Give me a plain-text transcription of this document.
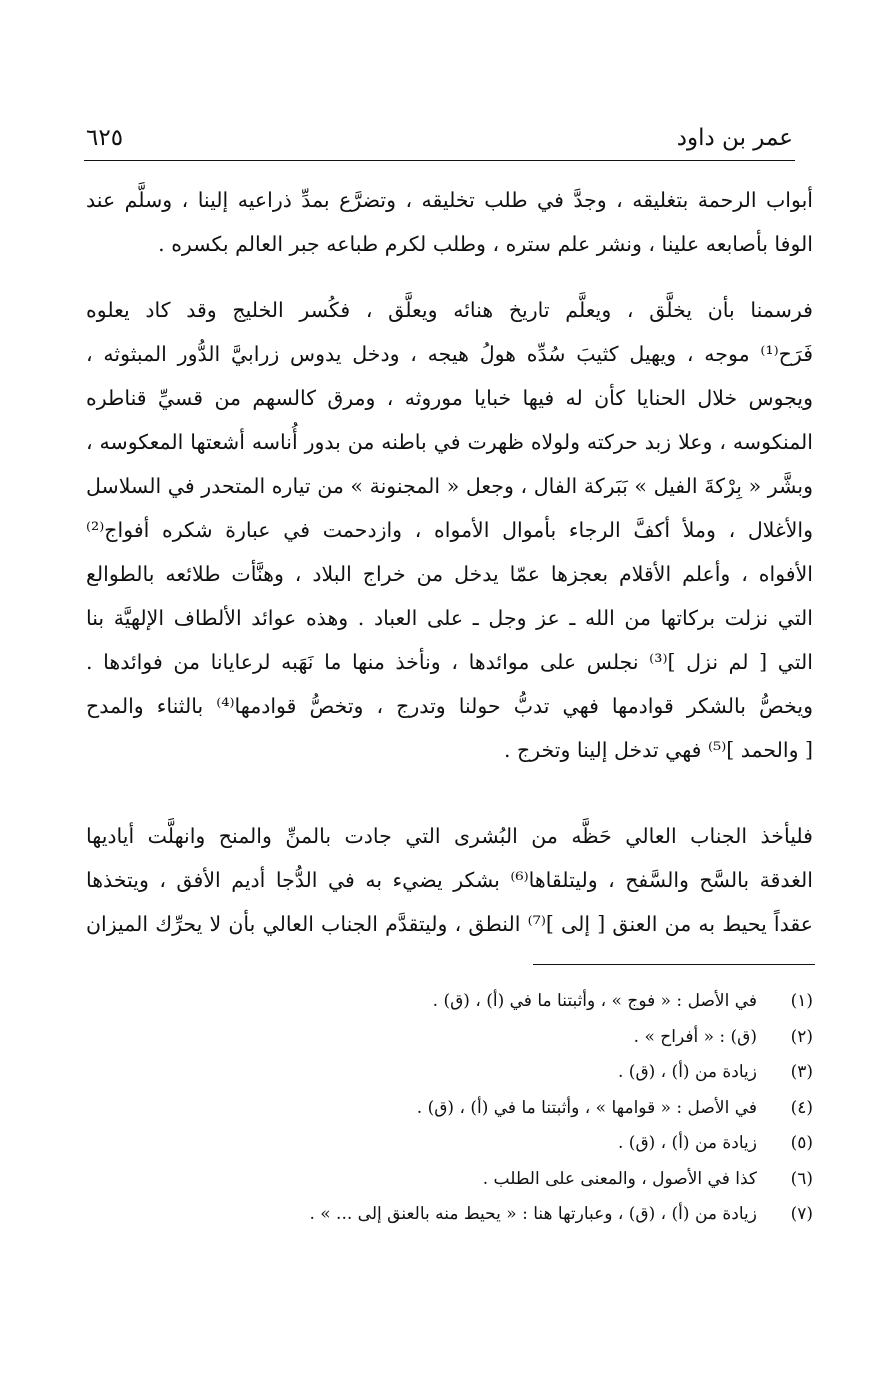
عمر بن داود
٦٢٥
أبواب الرحمة بتغليقه ، وجدَّ في طلب تخليقه ، وتضرَّع بمدِّ ذراعيه إلينا ، وسلَّم عند
الوفا بأصابعه علينا ، ونشر علم ستره ، وطلب لكرم طباعه جبر العالم بكسره .
فرسمنا بأن يخلَّق ، ويعلَّم تاريخ هنائه ويعلَّق ، فكُسر الخليج وقد كاد يعلوه
فَرَح⁽¹⁾ موجه ، ويهيل كثيبَ سُدِّه هولُ هيجه ، ودخل يدوس زرابيَّ الدُّور المبثوثه ،
ويجوس خلال الحنايا كأن له فيها خبايا موروثه ، ومرق كالسهم من قسيِّ قناطره
المنكوسه ، وعلا زبد حركته ولولاه ظهرت في باطنه من بدور أُناسه أشعتها المعكوسه ،
وبشَّر « بِرْكةَ الفيل » بَبَركة الفال ، وجعل « المجنونة » من تياره المتحدر في السلاسل
والأغلال ، وملأ أكفَّ الرجاء بأموال الأمواه ، وازدحمت في عبارة شكره أفواج⁽²⁾
الأفواه ، وأعلم الأقلام بعجزها عمّا يدخل من خراج البلاد ، وهنَّأت طلائعه بالطوالع
التي نزلت بركاتها من الله ـ عز وجل ـ على العباد . وهذه عوائد الألطاف الإلهيَّة بنا
التي [ لم نزل ]⁽³⁾ نجلس على موائدها ، ونأخذ منها ما نَهَبه لرعايانا من فوائدها .
ويخصُّ بالشكر قوادمها فهي تدبُّ حولنا وتدرج ، وتخصُّ قوادمها⁽⁴⁾ بالثناء والمدح
[ والحمد ]⁽⁵⁾ فهي تدخل إلينا وتخرج .
فليأخذ الجناب العالي حَظَّه من البُشرى التي جادت بالمنِّ والمنح وانهلَّت أياديها
الغدقة بالسَّح والسَّفح ، وليتلقاها⁽⁶⁾ بشكر يضيء به في الدُّجا أديم الأفق ، ويتخذها
عقداً يحيط به من العنق [ إلى ]⁽⁷⁾ النطق ، وليتقدَّم الجناب العالي بأن لا يحرِّك الميزان
(١)
في الأصل : « فوج » ، وأثبتنا ما في (أ) ، (ق) .
(٢)
(ق) : « أفراح » .
(٣)
زيادة من (أ) ، (ق) .
(٤)
في الأصل : « قوامها » ، وأثبتنا ما في (أ) ، (ق) .
(٥)
زيادة من (أ) ، (ق) .
(٦)
كذا في الأصول ، والمعنى على الطلب .
(٧)
زيادة من (أ) ، (ق) ، وعبارتها هنا : « يحيط منه بالعنق إلى ... » .
